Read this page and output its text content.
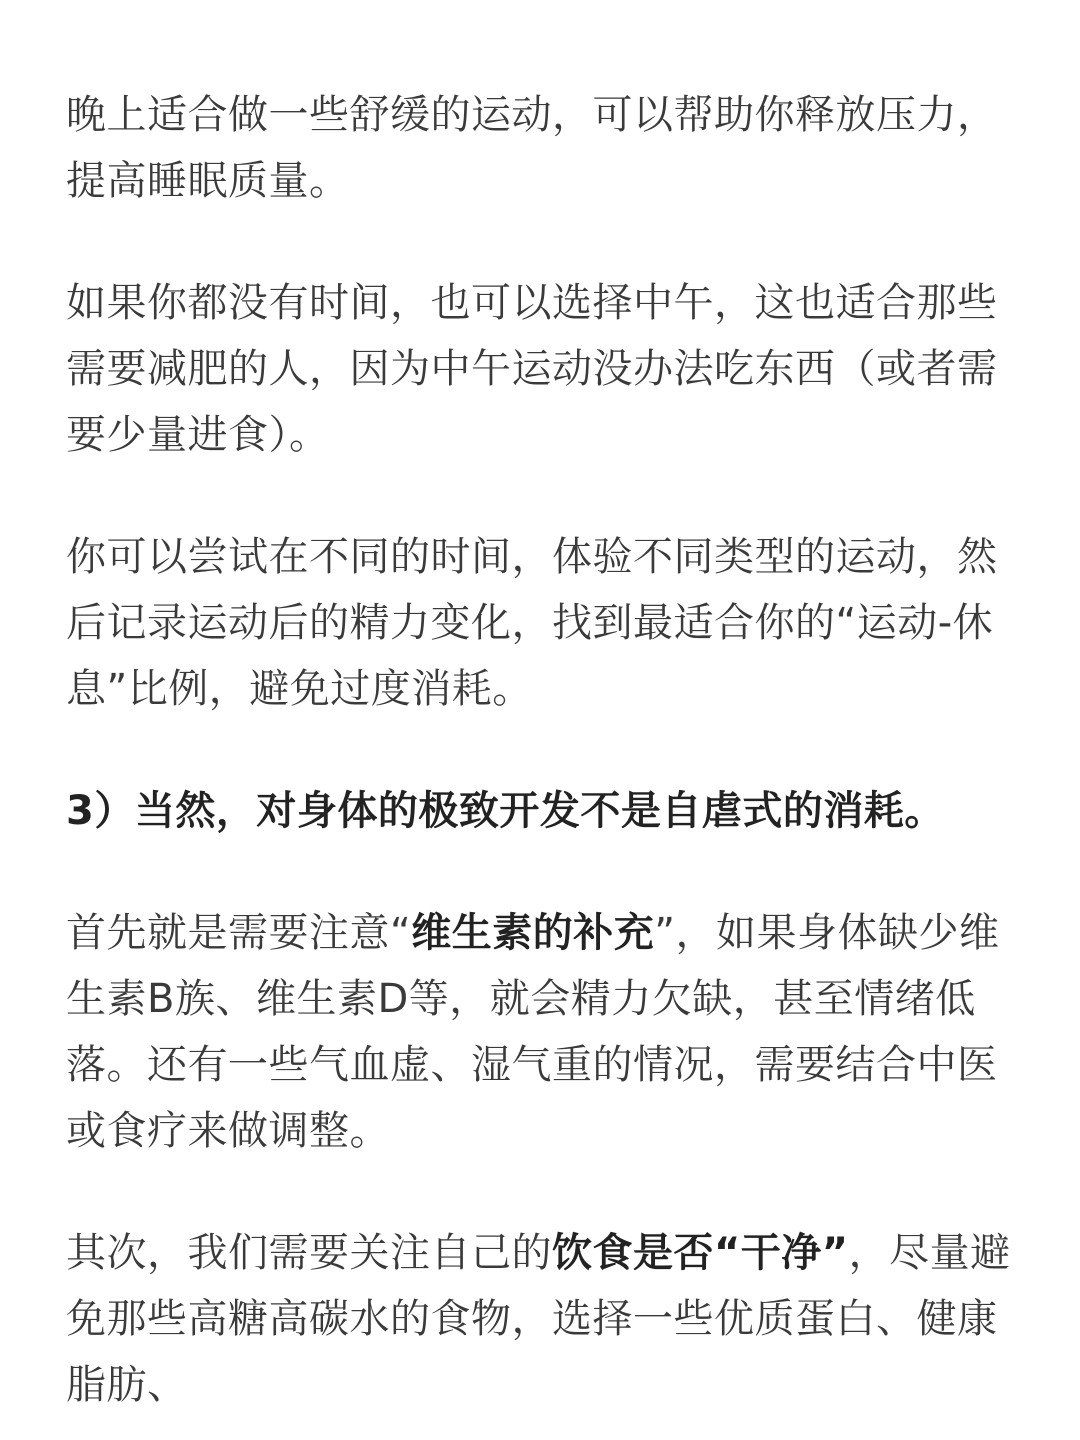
晚上适合做一些舒缓的运动，可以帮助你释放压力，提高睡眠质量。

如果你都没有时间，也可以选择中午，这也适合那些需要减肥的人，因为中午运动没办法吃东西（或者需要少量进食）。

你可以尝试在不同的时间，体验不同类型的运动，然后记录运动后的精力变化，找到最适合你的“运动-休息”比例，避免过度消耗。

3）当然，对身体的极致开发不是自虐式的消耗。

首先就是需要注意“维生素的补充”，如果身体缺少维生素B族、维生素D等，就会精力欠缺，甚至情绪低落。还有一些气血虚、湿气重的情况，需要结合中医或食疗来做调整。

其次，我们需要关注自己的饮食是否“干净”，尽量避免那些高糖高碳水的食物，选择一些优质蛋白、健康脂肪、
